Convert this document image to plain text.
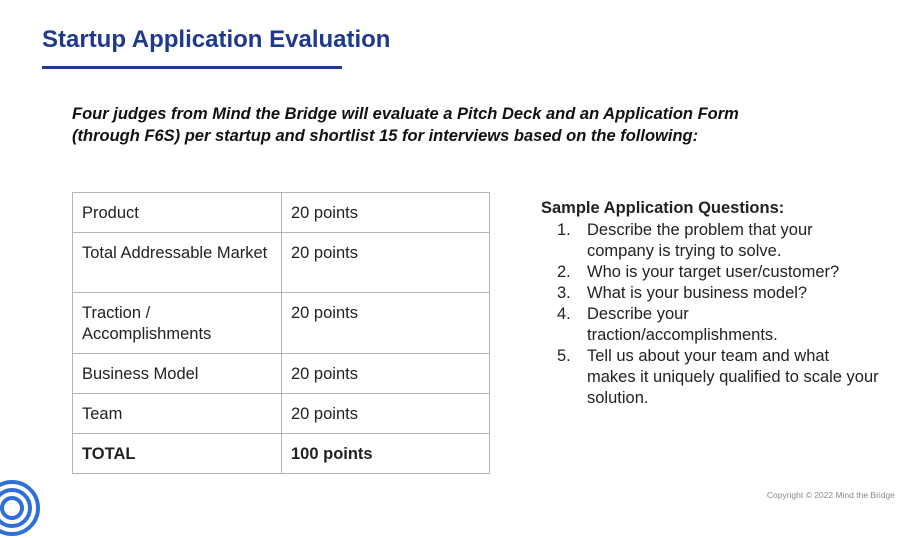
Startup Application Evaluation
Four judges from Mind the Bridge will evaluate a Pitch Deck and an Application Form (through F6S) per startup and shortlist 15 for interviews based on the following:
Product	20 points
Total Addressable Market	20 points
Traction / Accomplishments	20 points
Business Model	20 points
Team	20 points
TOTAL	100 points
Sample Application Questions:
1. Describe the problem that your company is trying to solve.
2. Who is your target user/customer?
3. What is your business model?
4. Describe your traction/accomplishments.
5. Tell us about your team and what makes it uniquely qualified to scale your solution.
Copyright © 2022 Mind the Bridge
